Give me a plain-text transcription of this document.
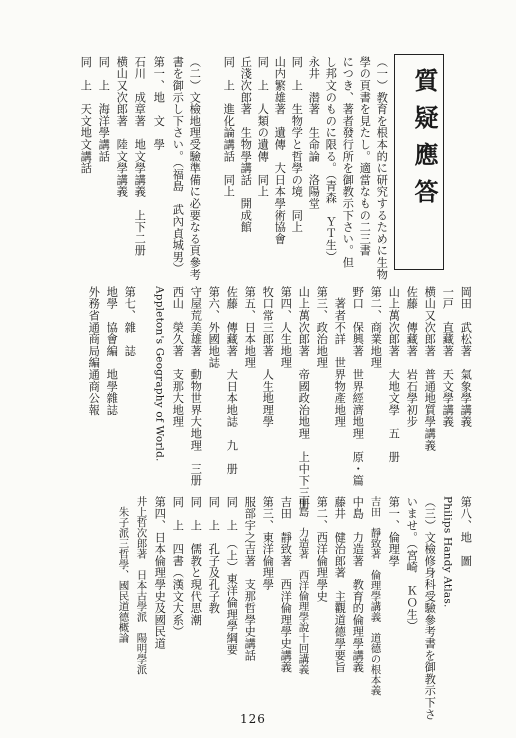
質疑應答
（一）教育を根本的に研究するために生物
學の頁書を見たし。適當なもの二三書
につき、著者發行所を御教示下さい。但
し邦文のものに限る。（青森　ＹＴ生）
永井　潜著　生命論　洛陽堂
同　上　生物学と哲學の境　同上
山内繁雄著　遺傳　大日本學術協會
同　上　人類の遺傳　同上
丘淺次郎著　生物學講話　開成館
同　上　進化論講話　同上
（二）文檢地理受驗準備に必要なる頁參考
書を御示し下さい。（福島　武內貞城男）
第一、地　文　學
石川　成章著　地文學講義　上下二册
横山又次郎著　陸文學講義
同　上　海洋學講話
同　上　天文地文講話
岡田　武松著　氣象學講義
一戸　直藏著　天文學講義
横山又次郎著　普通地質學講義
佐藤　傳藏著　岩石學初步
山上萬次郎著　大地文學　五　册
第二、商業地理
野口　保興著　世界經濟地理　原・篇
　著者不詳　世界物產地理
第三、政治地理
山上萬次郎著　帝國政治地理　上中下三册
第四、人生地理
牧口常三郎著　人生地理學
第五、日本地理
佐藤　傳藏著　大日本地誌　九　册
第六、外國地誌
守屋荒美雄著　動物世界大地理　三册
西山　榮久著　支那大地理
Appleton's Geography of World.
第七、雜　誌
地學　協會編　地學雜誌
外務省通商局編通商公報
第八、地　圖
Philips Handy Atlas.
（三）文檢修身科受驗參考書を御教示下さ
いませ。（宮崎　ＫＯ生）
第一、倫理學
吉田　靜致著　倫理學講義　道德の根本義
中島　力造著　教育的倫理學講義
藤井　健治郎著　主觀道德學要旨
第二、西洋倫理學史
中島　力造著　西洋倫理學說十回講義
吉田　靜致著　西洋倫理學史講義
第三、東洋倫理學
服部宇之吉著　支那哲學史講話
同　上　（上）東洋倫理學綱要
同　上　孔子及孔子教
同　上　儒教と現代思潮
同　上　四書（漢文大系）
第四、日本倫理學史及國民道
井上哲次郎著　日本古學派　陽明學派
　朱子派三哲學、國民道德概論
126
